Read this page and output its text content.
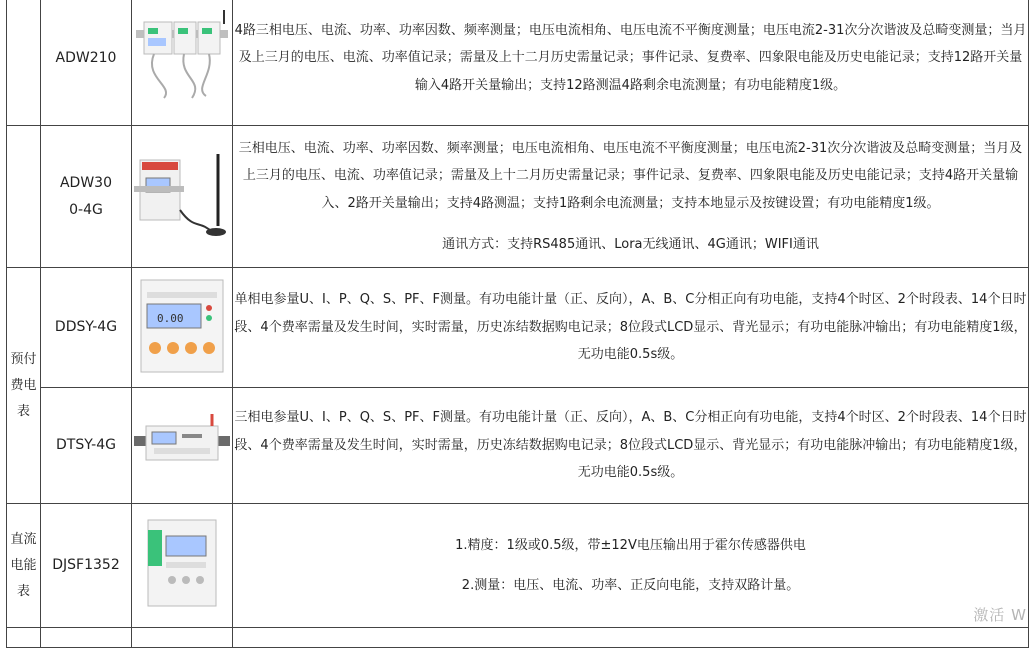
	ADW210		4路三相电压、电流、功率、功率因数、频率测量；电压电流相角、电压电流不平衡度测量；电压电流2-31次分次谐波及总畸变测量；当月及上三月的电压、电流、功率值记录；需量及上十二月历史需量记录；事件记录、复费率、四象限电能及历史电能记录；支持12路开关量输入4路开关量输出；支持12路测温4路剩余电流测量；有功电能精度1级。

	ADW300-4G		三相电压、电流、功率、功率因数、频率测量；电压电流相角、电压电流不平衡度测量；电压电流2-31次分次谐波及总畸变测量；当月及上三月的电压、电流、功率值记录；需量及上十二月历史需量记录；事件记录、复费率、四象限电能及历史电能记录；支持4路开关量输入、2路开关量输出；支持4路测温；支持1路剩余电流测量；支持本地显示及按键设置；有功电能精度1级。

通讯方式：支持RS485通讯、Lora无线通讯、4G通讯；WIFI通讯

预付费电表	DDSY-4G	0.00	单相电参量U、I、P、Q、S、PF、F测量。有功电能计量（正、反向），A、B、C分相正向有功电能，支持4个时区、2个时段表、14个日时段、4个费率需量及发生时间，实时需量，历史冻结数据购电记录；8位段式LCD显示、背光显示；有功电能脉冲输出；有功电能精度1级，无功电能0.5s级。

	DTSY-4G		三相电参量U、I、P、Q、S、PF、F测量。有功电能计量（正、反向），A、B、C分相正向有功电能，支持4个时区、2个时段表、14个日时段、4个费率需量及发生时间，实时需量，历史冻结数据购电记录；8位段式LCD显示、背光显示；有功电能脉冲输出；有功电能精度1级，无功电能0.5s级。

直流电能表	DJSF1352		1.精度：1级或0.5级，带±12V电压输出用于霍尔传感器供电

2.测量：电压、电流、功率、正反向电能，支持双路计量。

激活 W
